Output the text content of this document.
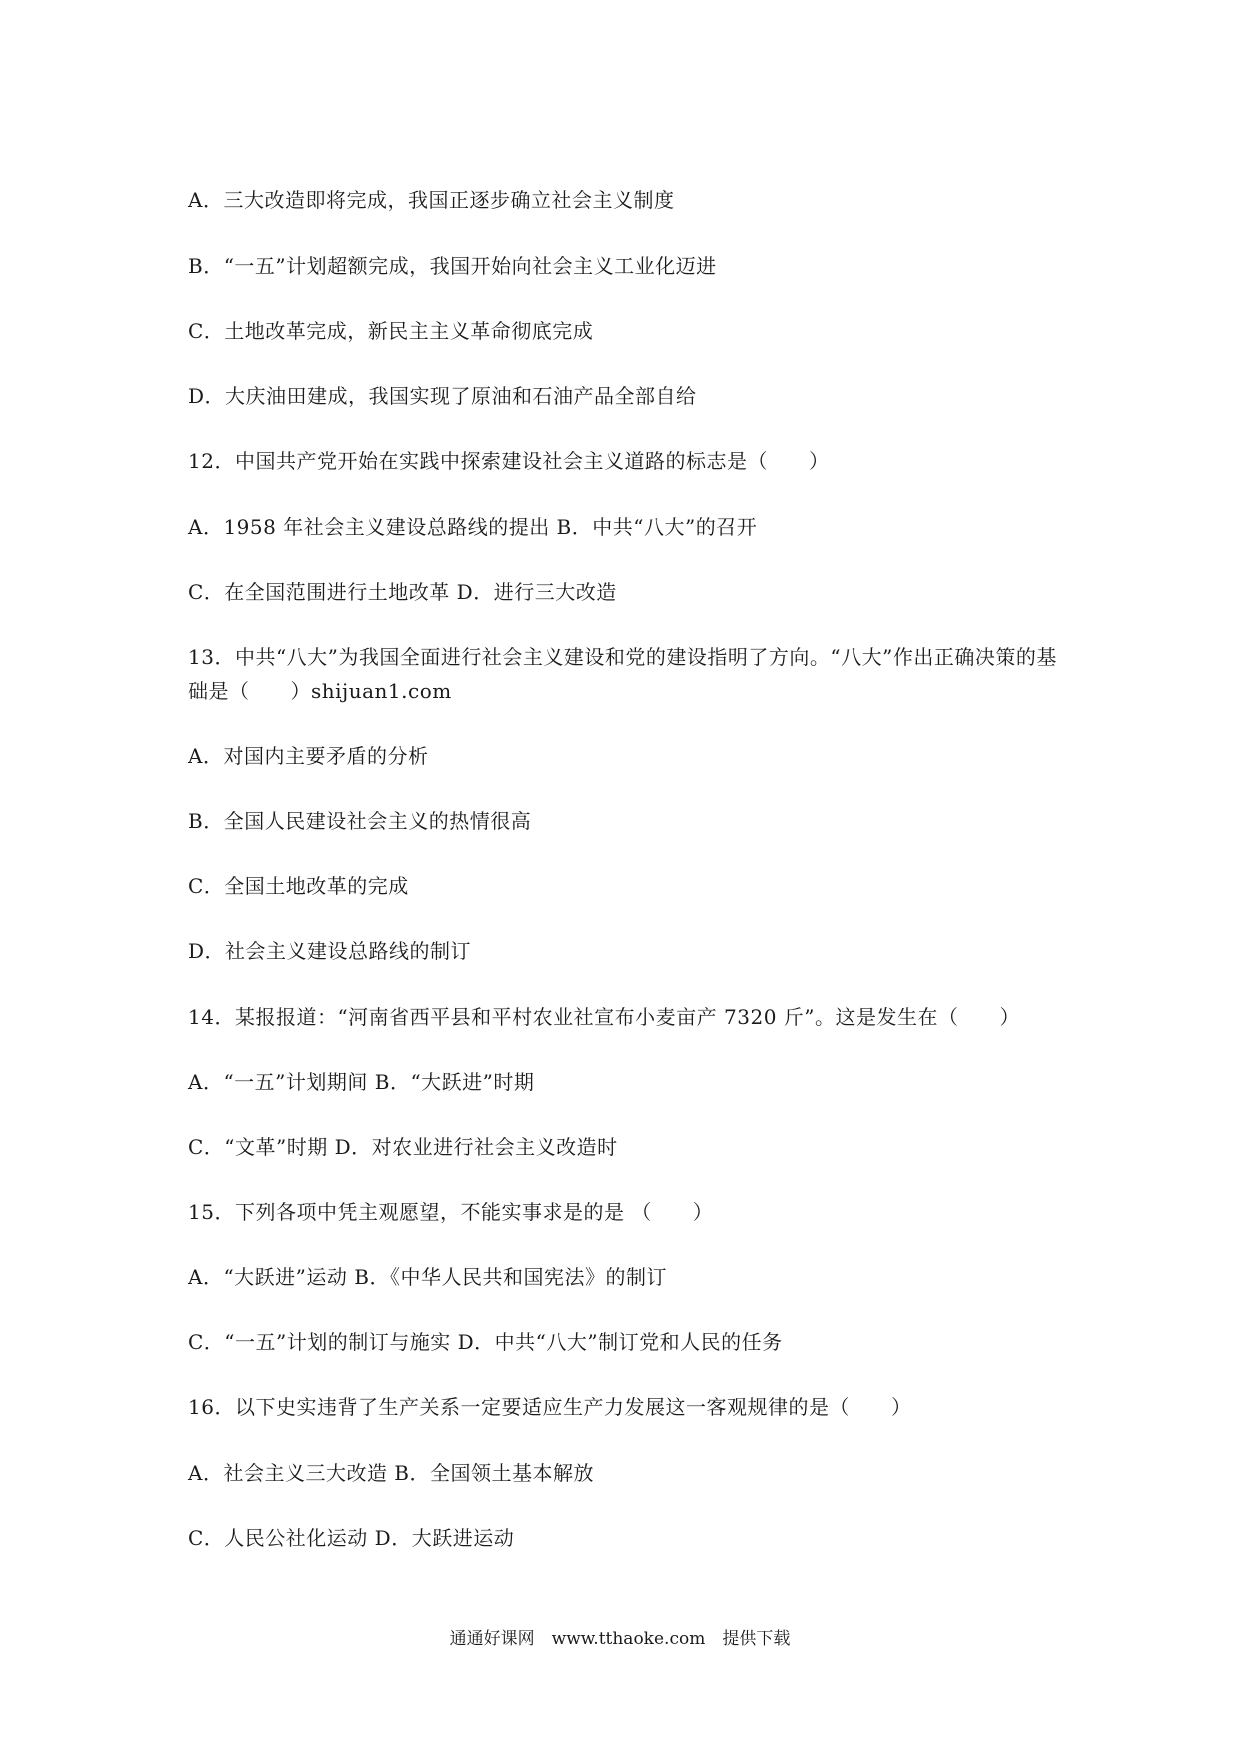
A．三大改造即将完成，我国正逐步确立社会主义制度
B．“一五”计划超额完成，我国开始向社会主义工业化迈进
C．土地改革完成，新民主主义革命彻底完成
D．大庆油田建成，我国实现了原油和石油产品全部自给
12．中国共产党开始在实践中探索建设社会主义道路的标志是（　　）
A．1958 年社会主义建设总路线的提出 B．中共“八大”的召开
C．在全国范围进行土地改革 D．进行三大改造
13．中共“八大”为我国全面进行社会主义建设和党的建设指明了方向。“八大”作出正确决策的基础是（　　）shijuan1.com
A．对国内主要矛盾的分析
B．全国人民建设社会主义的热情很高
C．全国土地改革的完成
D．社会主义建设总路线的制订
14．某报报道：“河南省西平县和平村农业社宣布小麦亩产 7320 斤”。这是发生在（　　）
A．“一五”计划期间 B．“大跃进”时期
C．“文革”时期 D．对农业进行社会主义改造时
15．下列各项中凭主观愿望，不能实事求是的是 （　　）
A．“大跃进”运动 B．《中华人民共和国宪法》的制订
C．“一五”计划的制订与施实 D．中共“八大”制订党和人民的任务
16．以下史实违背了生产关系一定要适应生产力发展这一客观规律的是（　　）
A．社会主义三大改造 B．全国领土基本解放
C．人民公社化运动 D．大跃进运动
通通好课网　www.tthaoke.com　提供下载
